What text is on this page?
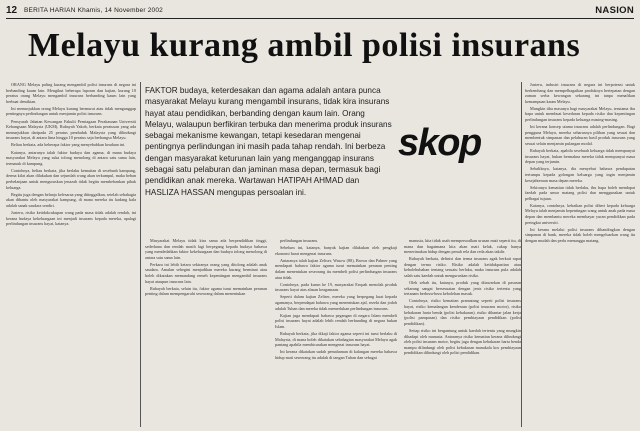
12 BERITA HARIAN Khamis, 14 November 2002	NASION
Melayu kurang ambil polisi insurans

ORANG Melayu paling kurang mengambil polisi insurans di negara ini berbanding kaum lain. Mengikut beberapa laporan dan kajian, kurang 10 peratus orang Melayu mengambil insurans berbanding kaum lain yang berbuat demikian.

Ini menunjukkan orang Melayu kurang bermurut atau tidak menganggap pentingnya perlindungan untuk menjamin polisi insurans.

Pensyarah Jabatan Kewangan Fakulti Perniagaan Perakaunan Universiti Kebangsaan Malaysia (UKM), Rubayah Yakob, berkata peratusan yang ada menunjukkan daripada 25 peratus penduduk Malaysia yang dilindungi insurans hayat, di antara lima hingga 10 peratus saja berbangsa Melayu.

Beliau berkata, ada beberapa faktor yang menyebabkan keadaan ini.

Katanya, antaranya ialah faktor budaya dan agama, di mana budaya masyarakat Melayu yang suka tolong menolong di antara satu sama lain, termasuk di kampung.

Contohnya, beliau berkata, jika berlaku kematian di sesebuah kampung, derma kilat akan dilakukan dan sejumlah wang akan terkumpul, maka beban perbelanjaan untuk menguruskan jenazah tidak begitu membebankan pihak keluarga.

Begitu juga dengan belanja kelesaraa yang ditinggalkan, setelah sebahagia akan dibantu oleh masyarakat kampung, di mana mereka itu kadang kala adalah sanak saudara sendiri.

Justeru, risiko ketidakcukupan wang pada masa tidak adalah rendah, ini kerana budaya kekeluargaan ini menjadi insurans kepada mereka, apalagi perlindungan insurans hayat, katanya.

FAKTOR budaya, keterdesakan dan agama adalah antara punca masyarakat Melayu kurang mengambil insurans, tidak kira insurans hayat atau pendidikan, berbanding dengan kaum lain. Orang Melayu, walaupun berfikiran terbuka dan menerima produk insurans sebagai mekanisme kewangan, tetapi kesedaran mengenai pentingnya perlindungan ini masih pada tahap rendah. Ini berbeza dengan masyarakat keturunan lain yang menganggap insurans sebagai satu pelaburan dan jaminan masa depan, termasuk bagi pendidikan anak mereka. Wartawan HATIPAH AHMAD dan HASLIZA HASSAN mengupas persoalan ini.
skop

Masyarakat Melayu tidak kira sama ada berpendidikan tinggi, sederhana dan rendah masih lagi berpegang kepada budaya bahawa yang mendedahkan faktor kekeluargaan dan budaya tolong menolong di antara satu sama lain.

Perkara ini lebih ketara sekiranya orang yang ditolong adalah anak saudara. Amalan sebegini menjadikan mereka kurang berminat atau boleh dikatakan memandang remeh kepentingan mengambil insurans hayat ataupun insurans lain.

Rubayah berkata, selain itu, faktor agama turut memainkan peranan penting dalam mempengaruhi seseorang dalam menentukan

perlindungan insurans.

Sebelum ini, katanya, banyak kajian dilakukan oleh pengkaji ekonomi barat mengenai insurans.

Antaranya ialah kajian Zeliser, Wasow (88), Brown dan Palmer yang mendapati bahawa faktor agama turut memainkan peranan penting dalam menentukan seseorang itu membeli polisi perlindungan insurans atau tidak.

Contohnya, pada kurun ke 19, masyarakat Eropah menolak produk insurans hayat atas alasan keagamaan.

Seperti dalam kajian Zeliser, mereka yang berpegang kuat kepada agamanya, berpendapat bahawa yang menentukan ajal, rezeki dan jodoh adalah Tuhan dan mereka tidak memerlukan perlindungan insurans.

Kajian juga mendapati bahawa pegangan di negara Islam membeli polisi insurans hayat adalah lebih rendah berbanding di negara bukan Islam.

Rubayah berkata, jika dikaji faktor agama seperti ini turut berlaku di Malaysia, di mana boleh dikatakan sebahagian masyarakat Melayu agak pantang apabila membicarakan mengenai insurans hayat.

Ini kerana dikatakan sudah pemahaman di kalangan mereka bahawa hidup mati seseorang itu adalah di tangan Tuhan dan sebagai

manusia, kita tidak usah mempersoalkan urusan mati seperti itu, di mana dan bagaimana kita akan mati kelak, cukup hanya menerimakan hidup dengan penuh rela dan reda akan takdir.

Rubayah berkata, definisi dan terma insurans agak berkait rapat dengan terma risiko. Risiko adalah ketidakpastian atau kebolehubahan tentang sesuatu berlaku, maka insurans pula adalah salah satu kaedah untuk menguruskan risiko.

Oleh sebab itu, katanya, produk yang ditawarkan di pasaran sekarang sangat bersesuaian dengan jenis risiko tertentu yang tertanam berbeza-beza kebolehan masuk.

Contohnya, risiko kematian pramatang seperti polisi insurans hayat, risiko kemalangan kenderaan (polisi insurans motor), risiko kebakaran harta benda (polisi kebakaran), risiko dihantar jalan kerja (polisi pampasan) dan risiko pembiayaan pendidikan (polisi pendidikan).

Setiap risiko ini bergantung untuk kaedah tertentu yang mungkin dihadapi oleh manusia. Antaranya risiko kematian kerana dilindungi oleh polisi insurans motor, begitu juga dengan kebakaran harta benda mampu dilindungi oleh polisi kebakaran manakala kos pembiayaan pendidikan dilindungi oleh polisi pendidikan.

Justeru, industri insurans di negara ini berpotensi untuk berkembang dan mempelbagaikan produknya bertepatan dengan zaman serba kewangan sekarang ini tanpa menafikan kemampuan kaum Melayu.

Mungkin tiba masanya bagi masyarakat Melayu, terutama ibu bapa untuk membuat kesedaran kepada risiko dan kepentingan perlindungan insurans kepada keluarga masing-masing.

Ini kerana konsep utama insurans adalah perlindungan. Bagi pengguna Melayu, mereka seharusnya pilihan yang sesuai dan membentuk simpanan dan pelaburan hasil produk insurans yang sesuai selain menjamin pulangan modal.

Rubayah berkata, apabila sesebuah keluarga tidak mempunyai insurans hayat, bukan bermakna mereka tidak mempunyai masa depan yang terjamin.

Sebaliknya, katanya, dia menyebut bahawa pendapatan tertumpu kepada golongan keluarga yang ingin menjamin kesejahteraan masa depan mereka.

Sekiranya kematian tidak berlaku, ibu bapa boleh mendapat faedah pada umur matang polisi dan menggunakan untuk pelbagai tujuan.

Katanya, contohnya, kebaikan polisi diberi kepada keluarga Melayu ialah menjamin kepentingan wang untuk anak pada masa depan dan membantu mereka membayar yuran pendidikan pada peringkat universiti.

Ini kerana melalui polisi insurans dibandingkan dengan simpanan di bank, mereka tidak boleh mengeluarkan wang itu dengan mudah dan perlu menunggu matang.
